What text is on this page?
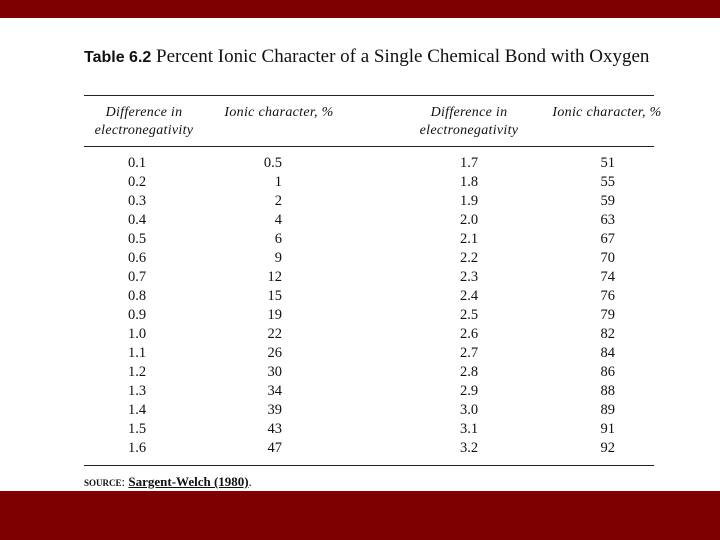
Table 6.2 Percent Ionic Character of a Single Chemical Bond with Oxygen
Difference in electronegativity
Ionic character, %	Difference in electronegativity
Ionic character, %
0.1
0.2
0.3
0.4
0.5
0.6
0.7
0.8
0.9
1.0
1.1
1.2
1.3
1.4
1.5
1.6
0.5
1
2
4
6
9
12
15
19
22
26
30
34
39
43
47
1.7
1.8
1.9
2.0
2.1
2.2
2.3
2.4
2.5
2.6
2.7
2.8
2.9
3.0
3.1
3.2
51
55
59
63
67
70
74
76
79
82
84
86
88
89
91
92
source: Sargent-Welch (1980).
